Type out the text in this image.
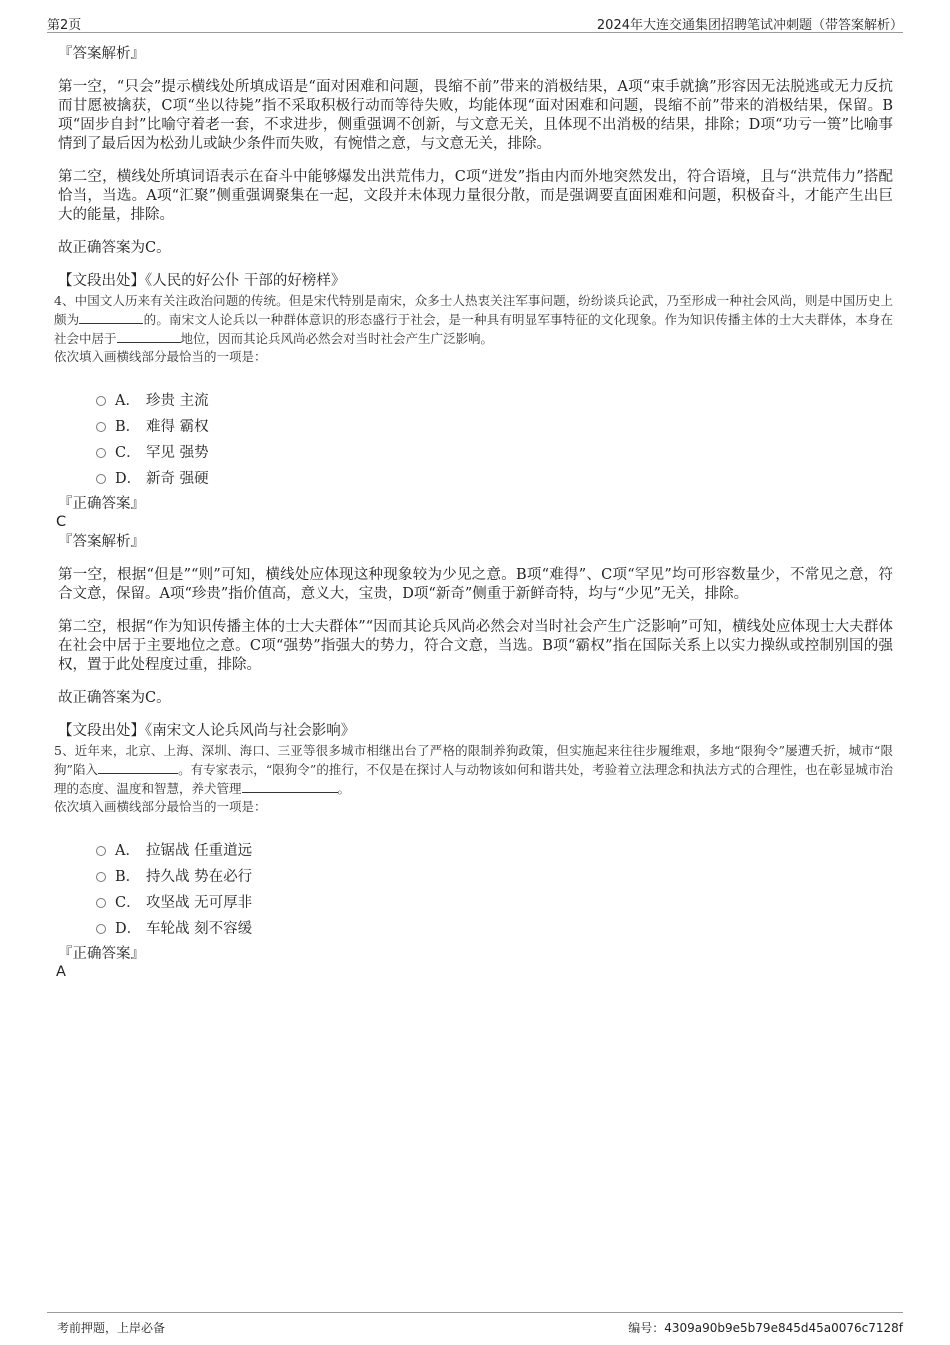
第2页	2024年大连交通集团招聘笔试冲刺题（带答案解析）

『答案解析』

第一空，“只会”提示横线处所填成语是“面对困难和问题，畏缩不前”带来的消极结果，A项“束手就擒”形容因无法脱逃或无力反抗而甘愿被擒获，C项“坐以待毙”指不采取积极行动而等待失败，均能体现“面对困难和问题，畏缩不前”带来的消极结果，保留。B项“固步自封”比喻守着老一套，不求进步，侧重强调不创新，与文意无关，且体现不出消极的结果，排除；D项“功亏一篑”比喻事情到了最后因为松劲儿或缺少条件而失败，有惋惜之意，与文意无关，排除。

第二空，横线处所填词语表示在奋斗中能够爆发出洪荒伟力，C项“迸发”指由内而外地突然发出，符合语境，且与“洪荒伟力”搭配恰当，当选。A项“汇聚”侧重强调聚集在一起，文段并未体现力量很分散，而是强调要直面困难和问题，积极奋斗，才能产生出巨大的能量，排除。

故正确答案为C。

【文段出处】《人民的好公仆 干部的好榜样》

4、中国文人历来有关注政治问题的传统。但是宋代特别是南宋，众多士人热衷关注军事问题，纷纷谈兵论武，乃至形成一种社会风尚，则是中国历史上颇为	的。南宋文人论兵以一种群体意识的形态盛行于社会，是一种具有明显军事特征的文化现象。作为知识传播主体的士大夫群体，本身在社会中居于	地位，因而其论兵风尚必然会对当时社会产生广泛影响。

依次填入画横线部分最恰当的一项是：

A． 珍贵 主流
B． 难得 霸权
C． 罕见 强势
D． 新奇 强硬

『正确答案』

C

『答案解析』

第一空，根据“但是”“则”可知，横线处应体现这种现象较为少见之意。B项“难得”、C项“罕见”均可形容数量少，不常见之意，符合文意，保留。A项“珍贵”指价值高，意义大，宝贵，D项“新奇”侧重于新鲜奇特，均与“少见”无关，排除。

第二空，根据“作为知识传播主体的士大夫群体”“因而其论兵风尚必然会对当时社会产生广泛影响”可知，横线处应体现士大夫群体在社会中居于主要地位之意。C项“强势”指强大的势力，符合文意，当选。B项“霸权”指在国际关系上以实力操纵或控制别国的强权，置于此处程度过重，排除。

故正确答案为C。

【文段出处】《南宋文人论兵风尚与社会影响》

5、近年来，北京、上海、深圳、海口、三亚等很多城市相继出台了严格的限制养狗政策，但实施起来往往步履维艰，多地“限狗令”屡遭夭折，城市“限狗”陷入	。有专家表示，“限狗令”的推行，不仅是在探讨人与动物该如何和谐共处，考验着立法理念和执法方式的合理性，也在彰显城市治理的态度、温度和智慧，养犬管理	。

依次填入画横线部分最恰当的一项是：

A． 拉锯战 任重道远
B． 持久战 势在必行
C． 攻坚战 无可厚非
D． 车轮战 刻不容缓

『正确答案』

A

考前押题，上岸必备	编号：4309a90b9e5b79e845d45a0076c7128f
